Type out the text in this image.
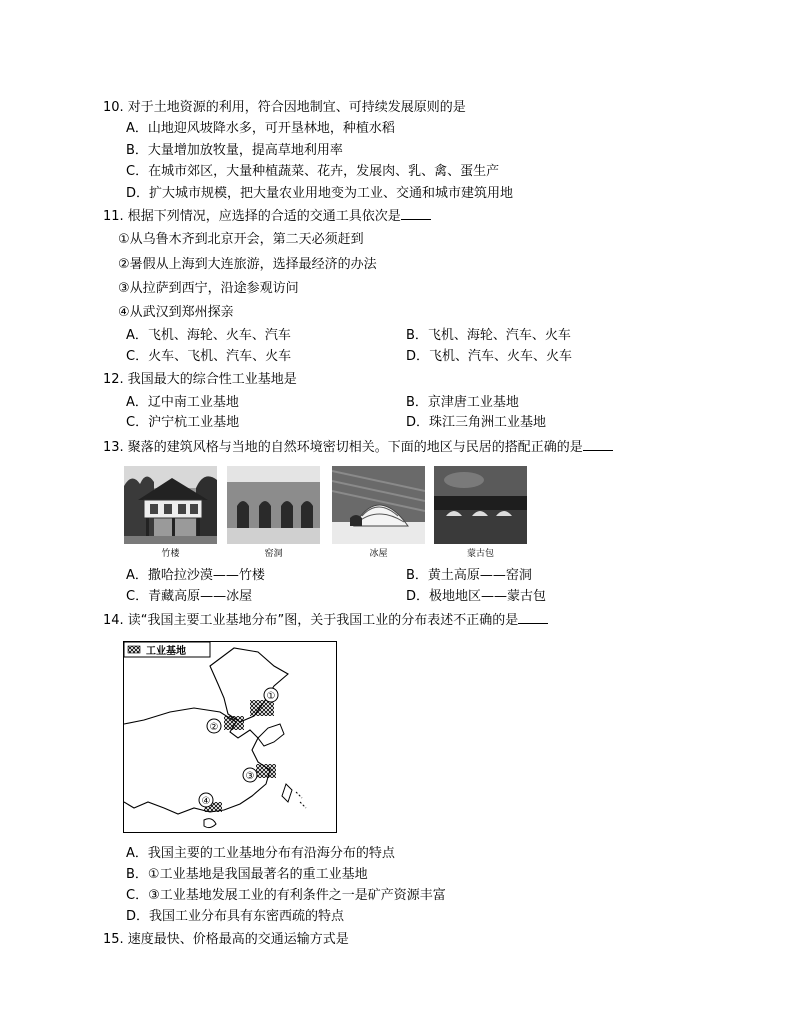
10. 对于土地资源的利用，符合因地制宜、可持续发展原则的是
A．山地迎风坡降水多，可开垦林地，种植水稻
B．大量增加放牧量，提高草地利用率
C．在城市郊区，大量种植蔬菜、花卉，发展肉、乳、禽、蛋生产
D．扩大城市规模，把大量农业用地变为工业、交通和城市建筑用地
11. 根据下列情况，应选择的合适的交通工具依次是
①从乌鲁木齐到北京开会，第二天必须赶到
②暑假从上海到大连旅游，选择最经济的办法
③从拉萨到西宁，沿途参观访问
④从武汉到郑州探亲
A．飞机、海轮、火车、汽车	B．飞机、海轮、汽车、火车
C．火车、飞机、汽车、火车	D．飞机、汽车、火车、火车
12. 我国最大的综合性工业基地是
A．辽中南工业基地	B．京津唐工业基地
C．沪宁杭工业基地	D．珠江三角洲工业基地
13. 聚落的建筑风格与当地的自然环境密切相关。下面的地区与民居的搭配正确的是
竹楼	窑洞	冰屋	蒙古包
A．撒哈拉沙漠——竹楼	B．黄土高原——窑洞
C．青藏高原——冰屋	D．极地地区——蒙古包
14. 读“我国主要工业基地分布”图，关于我国工业的分布表述不正确的是
工业基地
①
②
③
④
A．我国主要的工业基地分布有沿海分布的特点
B．①工业基地是我国最著名的重工业基地
C．③工业基地发展工业的有利条件之一是矿产资源丰富
D．我国工业分布具有东密西疏的特点
15. 速度最快、价格最高的交通运输方式是
